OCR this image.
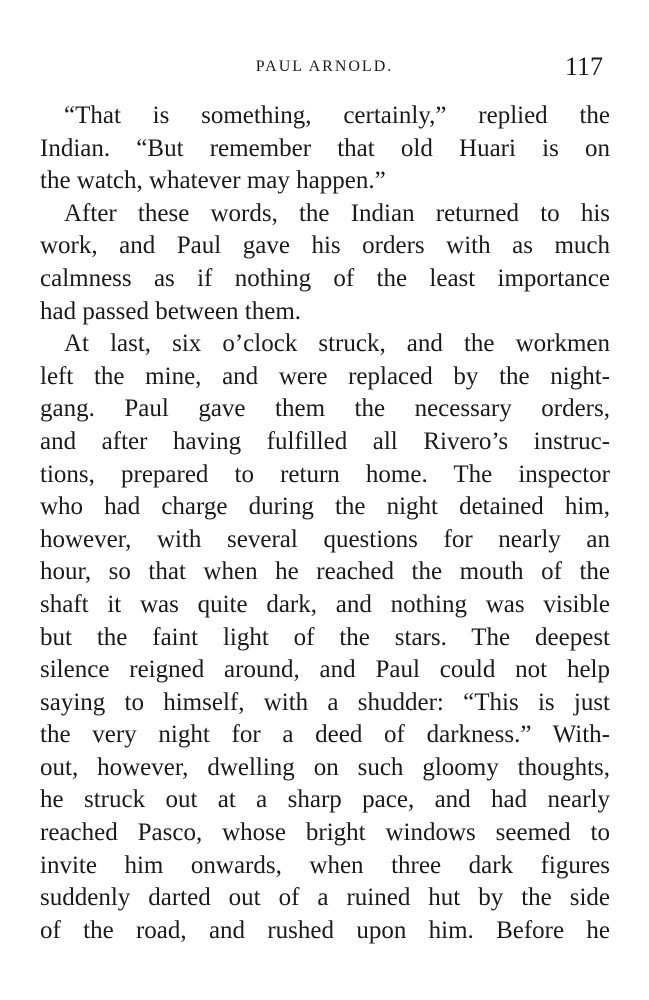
PAUL ARNOLD.	117
“That is something, certainly,” replied the
Indian. “But remember that old Huari is on
the watch, whatever may happen.”
After these words, the Indian returned to his
work, and Paul gave his orders with as much
calmness as if nothing of the least importance
had passed between them.
At last, six o’clock struck, and the workmen
left the mine, and were replaced by the night-
gang. Paul gave them the necessary orders,
and after having fulfilled all Rivero’s instruc-
tions, prepared to return home. The inspector
who had charge during the night detained him,
however, with several questions for nearly an
hour, so that when he reached the mouth of the
shaft it was quite dark, and nothing was visible
but the faint light of the stars. The deepest
silence reigned around, and Paul could not help
saying to himself, with a shudder: “This is just
the very night for a deed of darkness.” With-
out, however, dwelling on such gloomy thoughts,
he struck out at a sharp pace, and had nearly
reached Pasco, whose bright windows seemed to
invite him onwards, when three dark figures
suddenly darted out of a ruined hut by the side
of the road, and rushed upon him. Before he
